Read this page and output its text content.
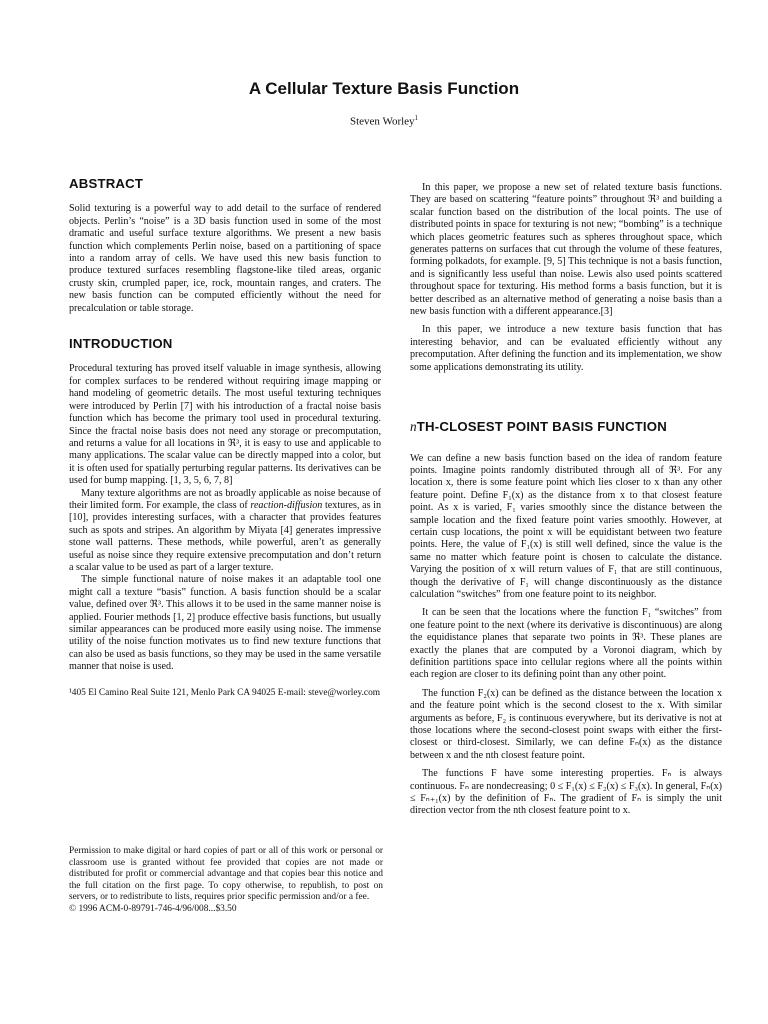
A Cellular Texture Basis Function
Steven Worley$^1$
ABSTRACT

Solid texturing is a powerful way to add detail to the surface of rendered objects. Perlin’s “noise” is a 3D basis function used in some of the most dramatic and useful surface texture algorithms. We present a new basis function which complements Perlin noise, based on a partitioning of space into a random array of cells. We have used this new basis function to produce textured surfaces resembling flagstone-like tiled areas, organic crusty skin, crumpled paper, ice, rock, mountain ranges, and craters. The new basis function can be computed efficiently without the need for precalculation or table storage.

INTRODUCTION

Procedural texturing has proved itself valuable in image synthesis, allowing for complex surfaces to be rendered without requiring image mapping or hand modeling of geometric details. The most useful texturing techniques were introduced by Perlin [7] with his introduction of a fractal noise basis function which has become the primary tool used in procedural texturing. Since the fractal noise basis does not need any storage or precomputation, and returns a value for all locations in ℜ³, it is easy to use and applicable to many applications. The scalar value can be directly mapped into a color, but it is often used for spatially perturbing regular patterns. Its derivatives can be used for bump mapping. [1, 3, 5, 6, 7, 8]

Many texture algorithms are not as broadly applicable as noise because of their limited form. For example, the class of reaction-diffusion textures, as in [10], provides interesting surfaces, with a character that provides features such as spots and stripes. An algorithm by Miyata [4] generates impressive stone wall patterns. These methods, while powerful, aren’t as generally useful as noise since they require extensive precomputation and don’t return a scalar value to be used as part of a larger texture.

The simple functional nature of noise makes it an adaptable tool one might call a texture “basis” function. A basis function should be a scalar value, defined over ℜ³. This allows it to be used in the same manner noise is applied. Fourier methods [1, 2] produce effective basis functions, but usually similar appearances can be produced more easily using noise. The immense utility of the noise function motivates us to find new texture functions that can also be used as basis functions, so they may be used in the same versatile manner that noise is used.

¹405 El Camino Real Suite 121, Menlo Park CA 94025 E-mail: steve@worley.com

Permission to make digital or hard copies of part or all of this work or personal or classroom use is granted without fee provided that copies are not made or distributed for profit or commercial advantage and that copies bear this notice and the full citation on the first page. To copy otherwise, to republish, to post on servers, or to redistribute to lists, requires prior specific permission and/or a fee.

© 1996 ACM-0-89791-746-4/96/008...$3.50

In this paper, we propose a new set of related texture basis functions. They are based on scattering “feature points” throughout ℜ³ and building a scalar function based on the distribution of the local points. The use of distributed points in space for texturing is not new; “bombing” is a technique which places geometric features such as spheres throughout space, which generates patterns on surfaces that cut through the volume of these features, forming polkadots, for example. [9, 5] This technique is not a basis function, and is significantly less useful than noise. Lewis also used points scattered throughout space for texturing. His method forms a basis function, but it is better described as an alternative method of generating a noise basis than a new basis function with a different appearance.[3]

In this paper, we introduce a new texture basis function that has interesting behavior, and can be evaluated efficiently without any precomputation. After defining the function and its implementation, we show some applications demonstrating its utility.

nTH-CLOSEST POINT BASIS FUNCTION

We can define a new basis function based on the idea of random feature points. Imagine points randomly distributed through all of ℜ³. For any location x, there is some feature point which lies closer to x than any other feature point. Define F₁(x) as the distance from x to that closest feature point. As x is varied, F₁ varies smoothly since the distance between the sample location and the fixed feature point varies smoothly. However, at certain cusp locations, the point x will be equidistant between two feature points. Here, the value of F₁(x) is still well defined, since the value is the same no matter which feature point is chosen to calculate the distance. Varying the position of x will return values of F₁ that are still continuous, though the derivative of F₁ will change discontinuously as the distance calculation “switches” from one feature point to its neighbor.

It can be seen that the locations where the function F₁ “switches” from one feature point to the next (where its derivative is discontinuous) are along the equidistance planes that separate two points in ℜ³. These planes are exactly the planes that are computed by a Voronoi diagram, which by definition partitions space into cellular regions where all the points within each region are closer to its defining point than any other point.

The function F₂(x) can be defined as the distance between the location x and the feature point which is the second closest to the x. With similar arguments as before, F₂ is continuous everywhere, but its derivative is not at those locations where the second-closest point swaps with either the first-closest or third-closest. Similarly, we can define Fₙ(x) as the distance between x and the nth closest feature point.

The functions F have some interesting properties. Fₙ is always continuous. Fₙ are nondecreasing; 0 ≤ F₁(x) ≤ F₂(x) ≤ F₃(x). In general, Fₙ(x) ≤ Fₙ₊₁(x) by the definition of Fₙ. The gradient of Fₙ is simply the unit direction vector from the nth closest feature point to x.
